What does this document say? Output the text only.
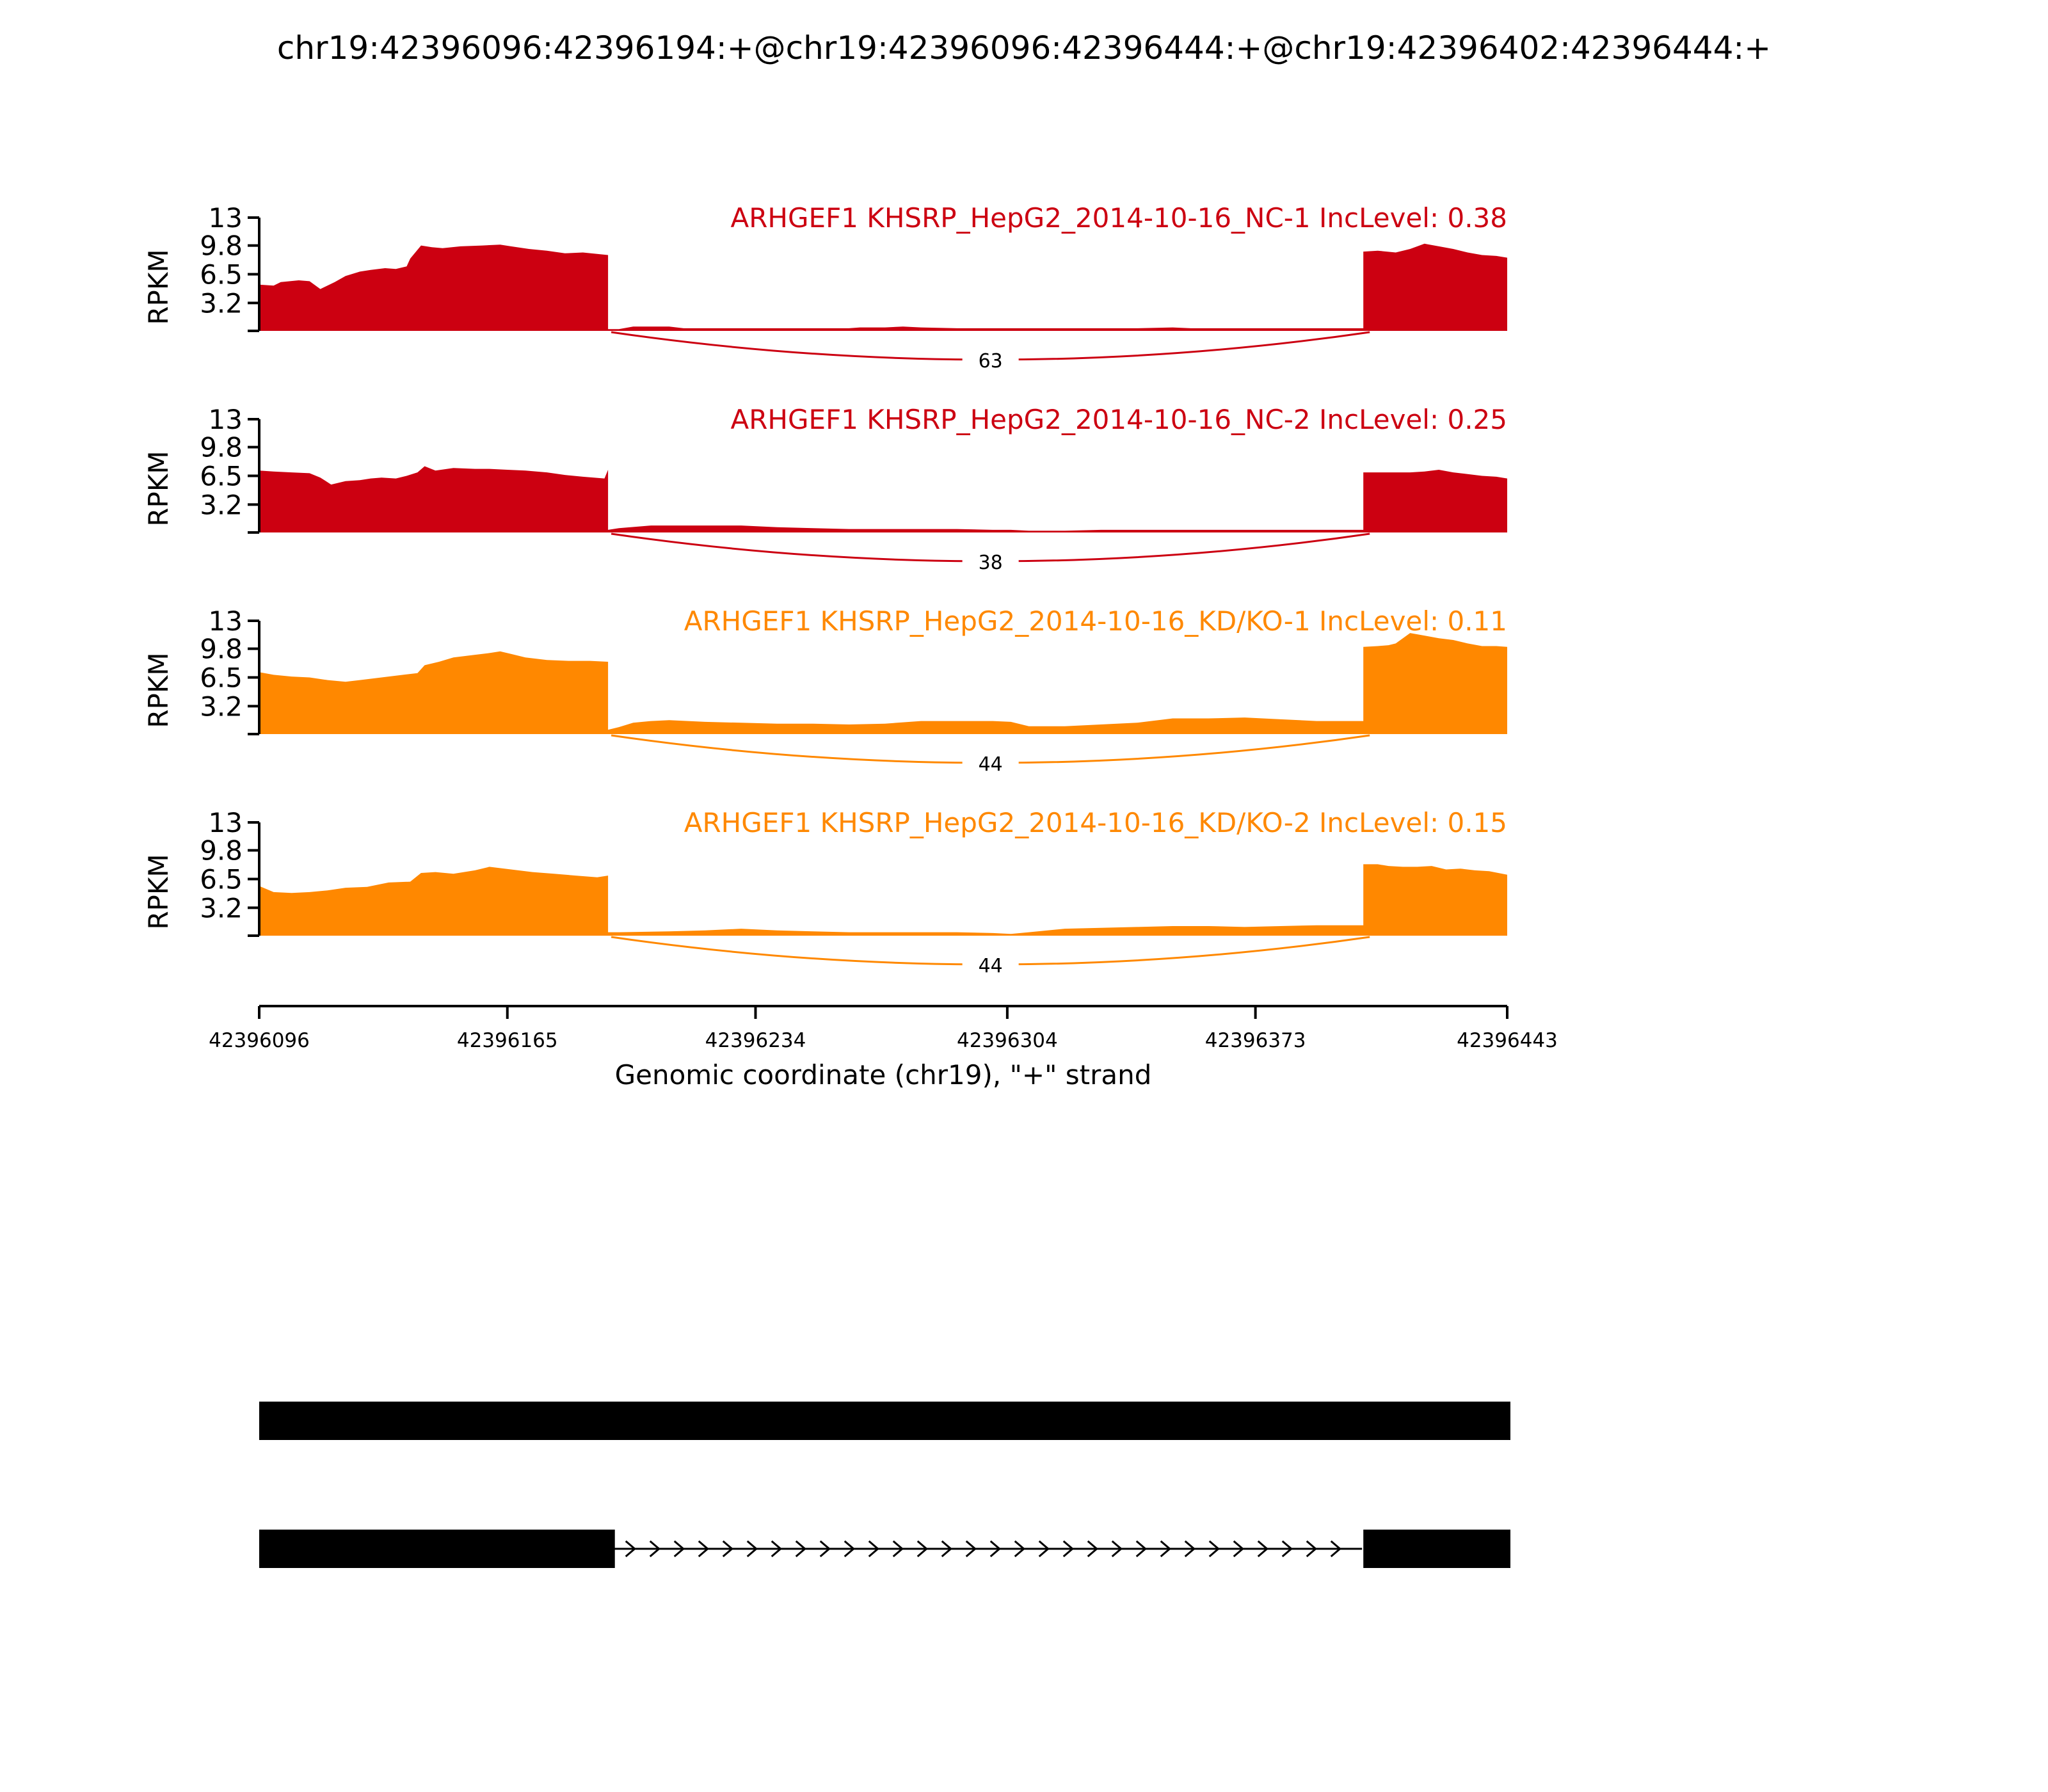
chr19:42396096:42396194:+@chr19:42396096:42396444:+@chr19:42396402:42396444:+
3.2
6.5
9.8
13
RPKM
ARHGEF1 KHSRP_HepG2_2014-10-16_NC-1 IncLevel: 0.38
63
3.2
6.5
9.8
13
RPKM
ARHGEF1 KHSRP_HepG2_2014-10-16_NC-2 IncLevel: 0.25
38
3.2
6.5
9.8
13
RPKM
ARHGEF1 KHSRP_HepG2_2014-10-16_KD/KO-1 IncLevel: 0.11
44
3.2
6.5
9.8
13
RPKM
ARHGEF1 KHSRP_HepG2_2014-10-16_KD/KO-2 IncLevel: 0.15
44
42396096	42396165	42396234	42396304	42396373	42396443
Genomic coordinate (chr19), "+" strand
